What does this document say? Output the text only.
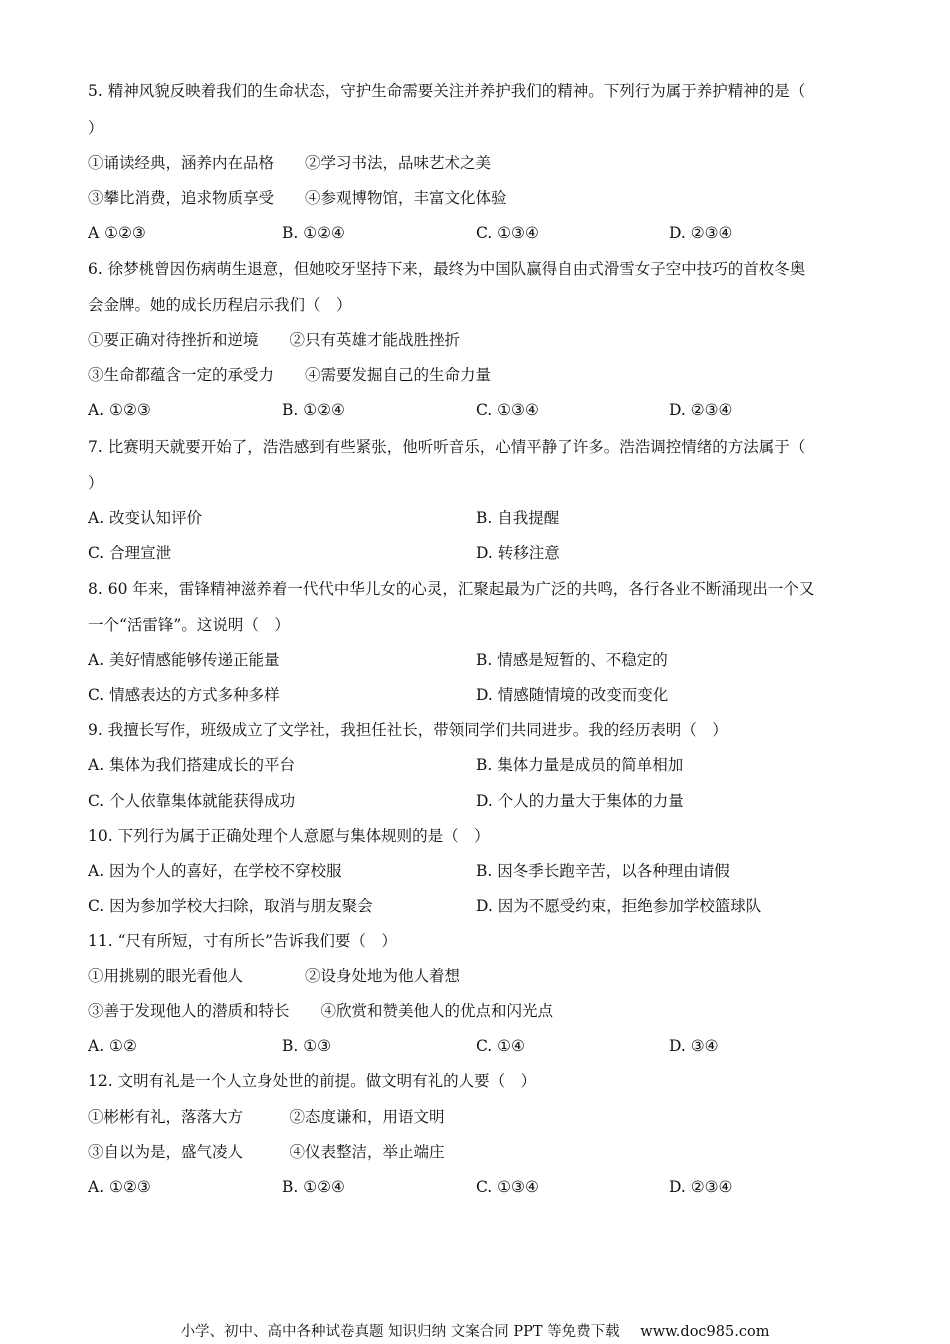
5. 精神风貌反映着我们的生命状态，守护生命需要关注并养护我们的精神。下列行为属于养护精神的是（
）
①诵读经典，涵养内在品格　　②学习书法，品味艺术之美
③攀比消费，追求物质享受　　④参观博物馆，丰富文化体验
A ①②③	B. ①②④	C. ①③④	D. ②③④
6. 徐梦桃曾因伤病萌生退意，但她咬牙坚持下来，最终为中国队赢得自由式滑雪女子空中技巧的首枚冬奥
会金牌。她的成长历程启示我们（　）
①要正确对待挫折和逆境　　②只有英雄才能战胜挫折
③生命都蕴含一定的承受力　　④需要发掘自己的生命力量
A. ①②③	B. ①②④	C. ①③④	D. ②③④
7. 比赛明天就要开始了，浩浩感到有些紧张，他听听音乐，心情平静了许多。浩浩调控情绪的方法属于（
）
A. 改变认知评价	B. 自我提醒
C. 合理宣泄	D. 转移注意
8. 60 年来，雷锋精神滋养着一代代中华儿女的心灵，汇聚起最为广泛的共鸣，各行各业不断涌现出一个又
一个“活雷锋”。这说明（　）
A. 美好情感能够传递正能量	B. 情感是短暂的、不稳定的
C. 情感表达的方式多种多样	D. 情感随情境的改变而变化
9. 我擅长写作，班级成立了文学社，我担任社长，带领同学们共同进步。我的经历表明（　）
A. 集体为我们搭建成长的平台	B. 集体力量是成员的简单相加
C. 个人依靠集体就能获得成功	D. 个人的力量大于集体的力量
10. 下列行为属于正确处理个人意愿与集体规则的是（　）
A. 因为个人的喜好，在学校不穿校服	B. 因冬季长跑辛苦，以各种理由请假
C. 因为参加学校大扫除，取消与朋友聚会	D. 因为不愿受约束，拒绝参加学校篮球队
11. “尺有所短，寸有所长”告诉我们要（　）
①用挑剔的眼光看他人　　　　②设身处地为他人着想
③善于发现他人的潜质和特长　　④欣赏和赞美他人的优点和闪光点
A. ①②	B. ①③	C. ①④	D. ③④
12. 文明有礼是一个人立身处世的前提。做文明有礼的人要（　）
①彬彬有礼，落落大方　　　②态度谦和，用语文明
③自以为是，盛气凌人　　　④仪表整洁，举止端庄
A. ①②③	B. ①②④	C. ①③④	D. ②③④
小学、初中、高中各种试卷真题 知识归纳 文案合同 PPT 等免费下载 www.doc985.com
